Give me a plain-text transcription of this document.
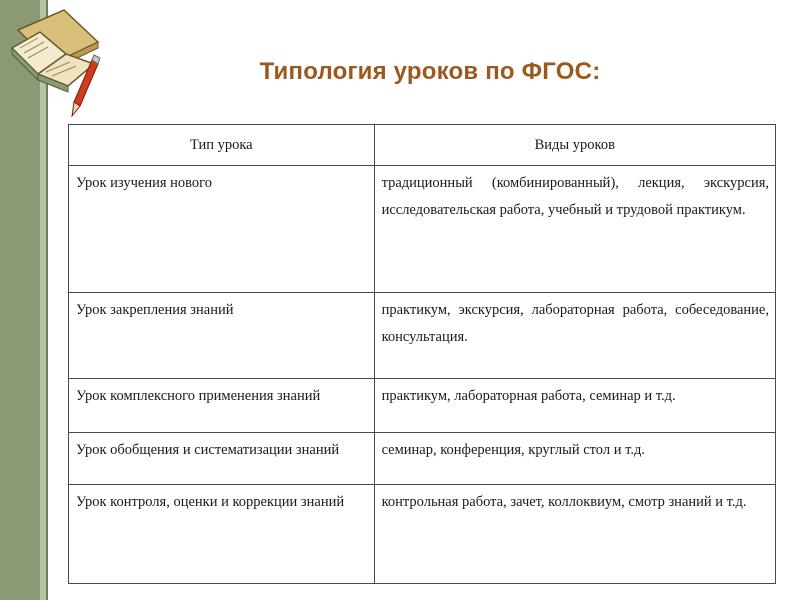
Типология уроков по ФГОС:
Тип урока	Виды уроков

Урок изучения нового	традиционный (комбинированный), лекция, экскурсия, исследовательская работа, учебный и трудовой практикум.

Урок закрепления знаний	практикум, экскурсия, лабораторная работа, собеседование, консультация.

Урок комплексного применения знаний	практикум, лабораторная работа, семинар и т.д.

Урок обобщения и систематизации знаний	семинар, конференция, круглый стол и т.д.

Урок контроля, оценки и коррекции знаний	контрольная работа, зачет, коллоквиум, смотр знаний и т.д.
